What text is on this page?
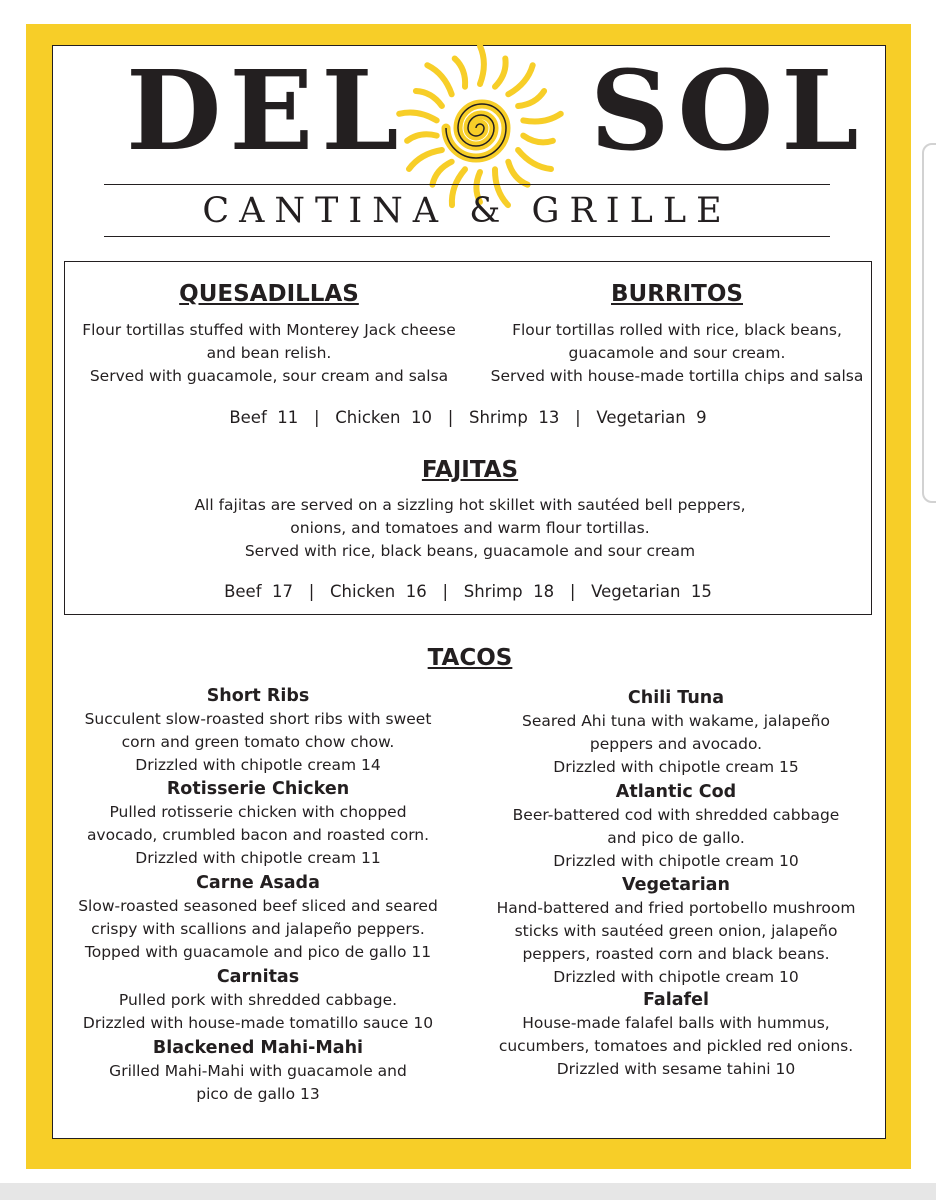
DEL SOL
CANTINA & GRILLE
QUESADILLAS
Flour tortillas stuffed with Monterey Jack cheese
and bean relish.
Served with guacamole, sour cream and salsa
BURRITOS
Flour tortillas rolled with rice, black beans,
guacamole and sour cream.
Served with house-made tortilla chips and salsa
Beef  11   |   Chicken  10   |   Shrimp  13   |   Vegetarian  9
FAJITAS
All fajitas are served on a sizzling hot skillet with sautéed bell peppers,
onions, and tomatoes and warm flour tortillas.
Served with rice, black beans, guacamole and sour cream
Beef  17   |   Chicken  16   |   Shrimp  18   |   Vegetarian  15
TACOS
Short Ribs
Succulent slow-roasted short ribs with sweet
corn and green tomato chow chow.
Drizzled with chipotle cream 14
Rotisserie Chicken
Pulled rotisserie chicken with chopped
avocado, crumbled bacon and roasted corn.
Drizzled with chipotle cream 11
Carne Asada
Slow-roasted seasoned beef sliced and seared
crispy with scallions and jalapeño peppers.
Topped with guacamole and pico de gallo 11
Carnitas
Pulled pork with shredded cabbage.
Drizzled with house-made tomatillo sauce 10
Blackened Mahi-Mahi
Grilled Mahi-Mahi with guacamole and
pico de gallo 13
Chili Tuna
Seared Ahi tuna with wakame, jalapeño
peppers and avocado.
Drizzled with chipotle cream 15
Atlantic Cod
Beer-battered cod with shredded cabbage
and pico de gallo.
Drizzled with chipotle cream 10
Vegetarian
Hand-battered and fried portobello mushroom
sticks with sautéed green onion, jalapeño
peppers, roasted corn and black beans.
Drizzled with chipotle cream 10
Falafel
House-made falafel balls with hummus,
cucumbers, tomatoes and pickled red onions.
Drizzled with sesame tahini 10
